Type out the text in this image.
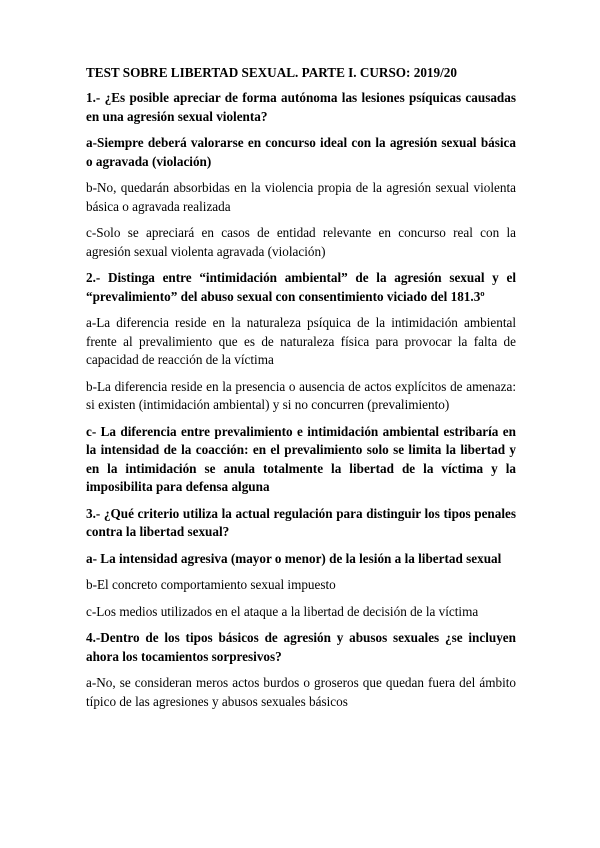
TEST SOBRE LIBERTAD SEXUAL. PARTE I. CURSO: 2019/20

1.- ¿Es posible apreciar de forma autónoma las lesiones psíquicas causadas en una agresión sexual violenta?

a-Siempre deberá valorarse en concurso ideal con la agresión sexual básica o agravada (violación)

b-No, quedarán absorbidas en la violencia propia de la agresión sexual violenta básica o agravada realizada

c-Solo se apreciará en casos de entidad relevante en concurso real con la agresión sexual violenta agravada (violación)

2.- Distinga entre “intimidación ambiental” de la agresión sexual y el “prevalimiento” del abuso sexual con consentimiento viciado del 181.3º

a-La diferencia reside en la naturaleza psíquica de la intimidación ambiental frente al prevalimiento que es de naturaleza física para provocar la falta de capacidad de reacción de la víctima

b-La diferencia reside en la presencia o ausencia de actos explícitos de amenaza: si existen (intimidación ambiental) y si no concurren (prevalimiento)

c- La diferencia entre prevalimiento e intimidación ambiental estribaría en la intensidad de la coacción: en el prevalimiento solo se limita la libertad y en la intimidación se anula totalmente la libertad de la víctima y la imposibilita para defensa alguna

3.- ¿Qué criterio utiliza la actual regulación para distinguir los tipos penales contra la libertad sexual?

a- La intensidad agresiva (mayor o menor) de la lesión a la libertad sexual

b-El concreto comportamiento sexual impuesto

c-Los medios utilizados en el ataque a la libertad de decisión de la víctima

4.-Dentro de los tipos básicos de agresión y abusos sexuales ¿se incluyen ahora los tocamientos sorpresivos?

a-No, se consideran meros actos burdos o groseros que quedan fuera del ámbito típico de las agresiones y abusos sexuales básicos
